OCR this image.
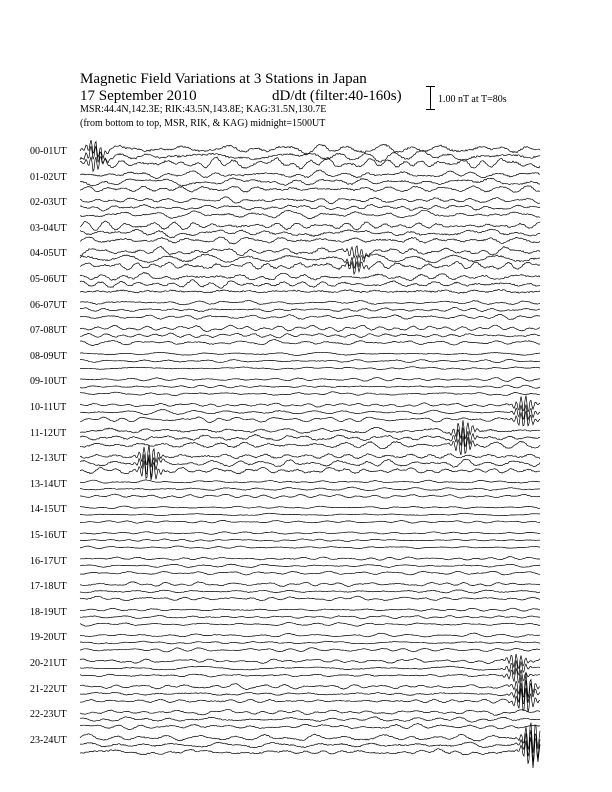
Magnetic Field Variations at 3 Stations in Japan
17 September 2010	dD/dt (filter:40-160s)
MSR:44.4N,142.3E; RIK:43.5N,143.8E; KAG:31.5N,130.7E
(from bottom to top, MSR, RIK, & KAG) midnight=1500UT
1.00 nT at T=80s
00-01UT
01-02UT
02-03UT
03-04UT
04-05UT
05-06UT
06-07UT
07-08UT
08-09UT
09-10UT
10-11UT
11-12UT
12-13UT
13-14UT
14-15UT
15-16UT
16-17UT
17-18UT
18-19UT
19-20UT
20-21UT
21-22UT
22-23UT
23-24UT
